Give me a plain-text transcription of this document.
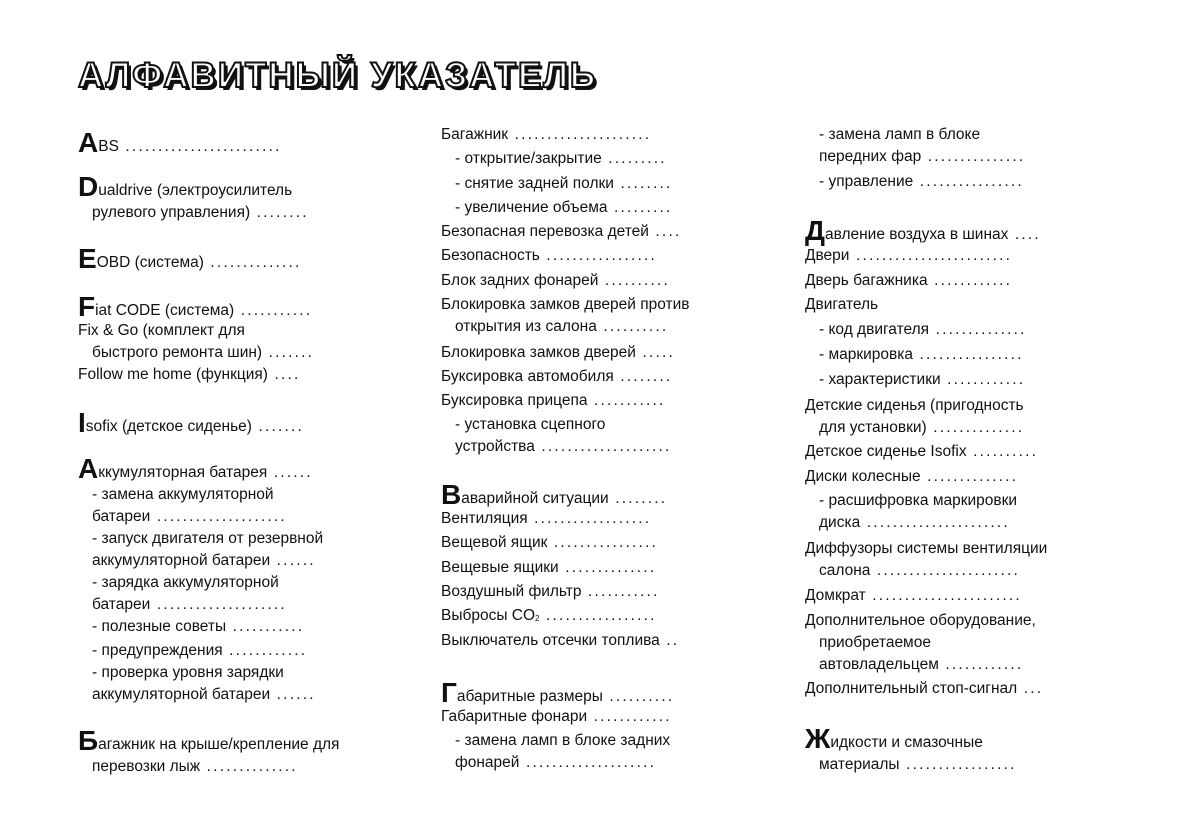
АЛФАВИТНЫЙ УКАЗАТЕЛЬ
ABS ........................
Dualdrive (электроусилитель
рулевого управления) ........
EOBD (система) ..............
Fiat CODE (система) ...........
Fix & Go (комплект для
быстрого ремонта шин) .......
Follow me home (функция) ....
Isofix (детское сиденье) .......
Аккумуляторная батарея ......
- замена аккумуляторной
батареи ....................
- запуск двигателя от резервной
аккумуляторной батареи ......
- зарядка аккумуляторной
батареи ....................
- полезные советы ...........
- предупреждения ............
- проверка уровня зарядки
аккумуляторной батареи ......
Багажник на крыше/крепление для
перевозки лыж ..............
Багажник .....................
- открытие/закрытие .........
- снятие задней полки ........
- увеличение объема .........
Безопасная перевозка детей ....
Безопасность .................
Блок задних фонарей ..........
Блокировка замков дверей против
открытия из салона ..........
Блокировка замков дверей .....
Буксировка автомобиля ........
Буксировка прицепа ...........
- установка сцепного
устройства ....................
Ваварийной ситуации ........
Вентиляция ..................
Вещевой ящик ................
Вещевые ящики ..............
Воздушный фильтр ...........
Выбросы $CO_2$ .................
Выключатель отсечки топлива ..
Габаритные размеры ..........
Габаритные фонари ............
- замена ламп в блоке задних
фонарей ....................
- замена ламп в блоке
передних фар ...............
- управление ................
Давление воздуха в шинах ....
Двери ........................
Дверь багажника ............
Двигатель
- код двигателя ..............
- маркировка ................
- характеристики ............
Детские сиденья (пригодность
для установки) ..............
Детское сиденье Isofix ..........
Диски колесные ..............
- расшифровка маркировки
диска ......................
Диффузоры системы вентиляции
салона ......................
Домкрат .......................
Дополнительное оборудование,
приобретаемое
автовладельцем ............
Дополнительный стоп-сигнал ...
Жидкости и смазочные
материалы .................
